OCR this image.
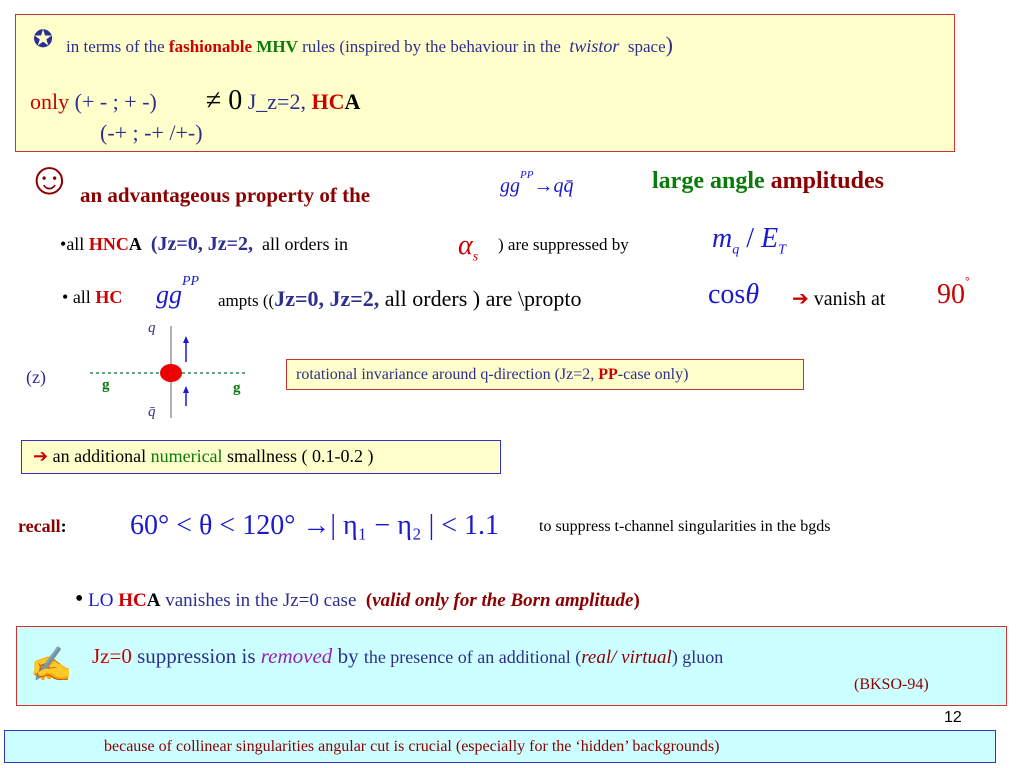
✪ in terms of the fashionable MHV rules (inspired by the behaviour in the twistor space)
only (+ - ; + -) ≠ 0 J_z=2, HCA
(-+ ; -+ /+-)
☺ an advantageous property of the	$gg^{PP}\to qq̄$	large angle amplitudes
•all HNCA (Jz=0, Jz=2, all orders in	$\alpha_s$
) are suppressed by	$m_q / E_T$
• all HC $gg^{PP}$
ampts ((Jz=0, Jz=2, all orders ) are \propto	cosθ ➔ vanish at 90°
(z)
q
q̄
g	g
rotational invariance around q-direction (Jz=2, PP-case only)
➔ an additional numerical smallness ( 0.1-0.2 )
recall: 60° < θ < 120° →| η₁ − η₂ | < 1.1	to suppress t-channel singularities in the bgds
• LO HCA vanishes in the Jz=0 case (valid only for the Born amplitude)
✍ Jz=0 suppression is removed by the presence of an additional (real/ virtual) gluon
(BKSO-94)
12
because of collinear singularities angular cut is crucial (especially for the ‘hidden’ backgrounds)
